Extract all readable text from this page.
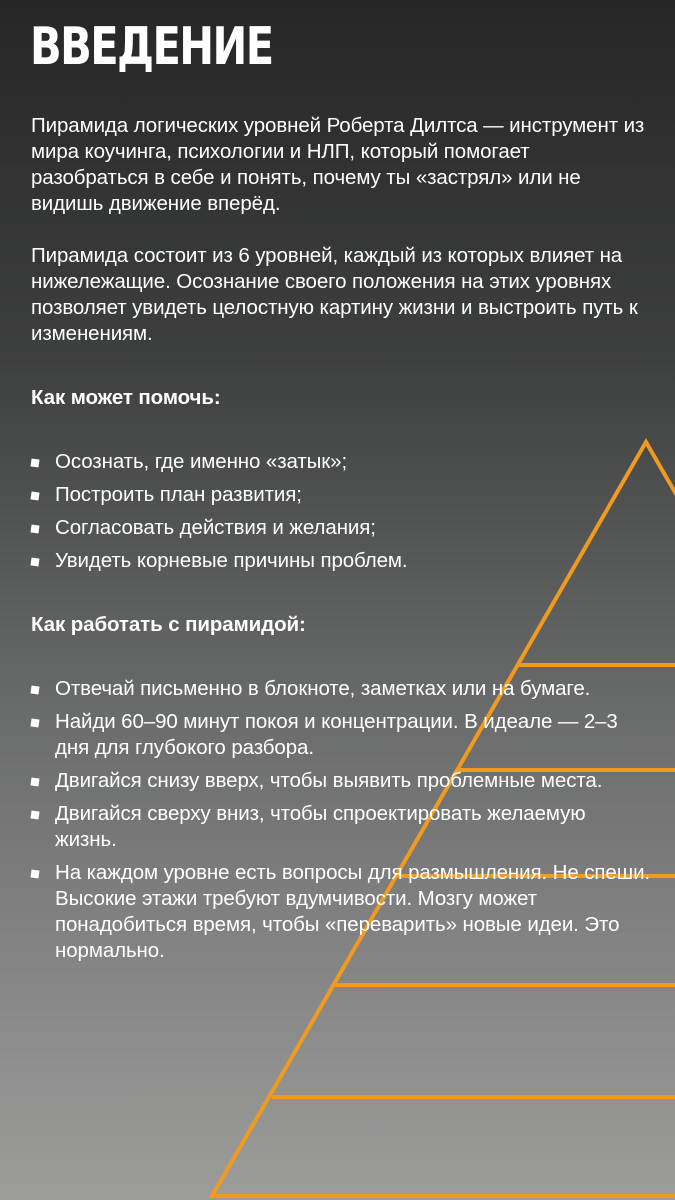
ВВЕДЕНИЕ

Пирамида логических уровней Роберта Дилтса — инструмент из мира коучинга, психологии и НЛП, который помогает разобраться в себе и понять, почему ты «застрял» или не видишь движение вперёд.

Пирамида состоит из 6 уровней, каждый из которых влияет на нижележащие. Осознание своего положения на этих уровнях позволяет увидеть целостную картину жизни и выстроить путь к изменениям.

Как может помочь:

Осознать, где именно «затык»;
Построить план развития;
Согласовать действия и желания;
Увидеть корневые причины проблем.

Как работать с пирамидой:

Отвечай письменно в блокноте, заметках или на бумаге.
Найди 60–90 минут покоя и концентрации. В идеале — 2–3 дня для глубокого разбора.
Двигайся снизу вверх, чтобы выявить проблемные места.
Двигайся сверху вниз, чтобы спроектировать желаемую жизнь.
На каждом уровне есть вопросы для размышления. Не спеши. Высокие этажи требуют вдумчивости. Мозгу может понадобиться время, чтобы «переварить» новые идеи. Это нормально.
